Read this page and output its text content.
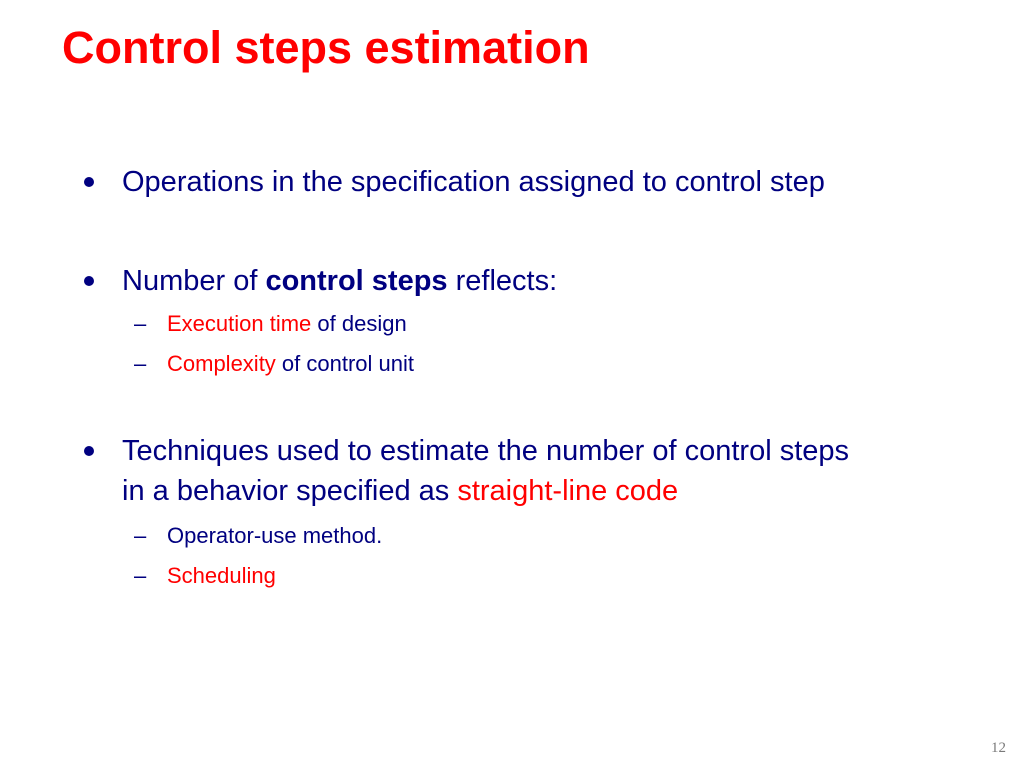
Control steps estimation
Operations in the specification assigned to control step
Number of control steps reflects:
– Execution time of design
– Complexity of control unit
Techniques used to estimate the number of control steps
in a behavior specified as straight-line code
– Operator-use method.
– Scheduling
12
